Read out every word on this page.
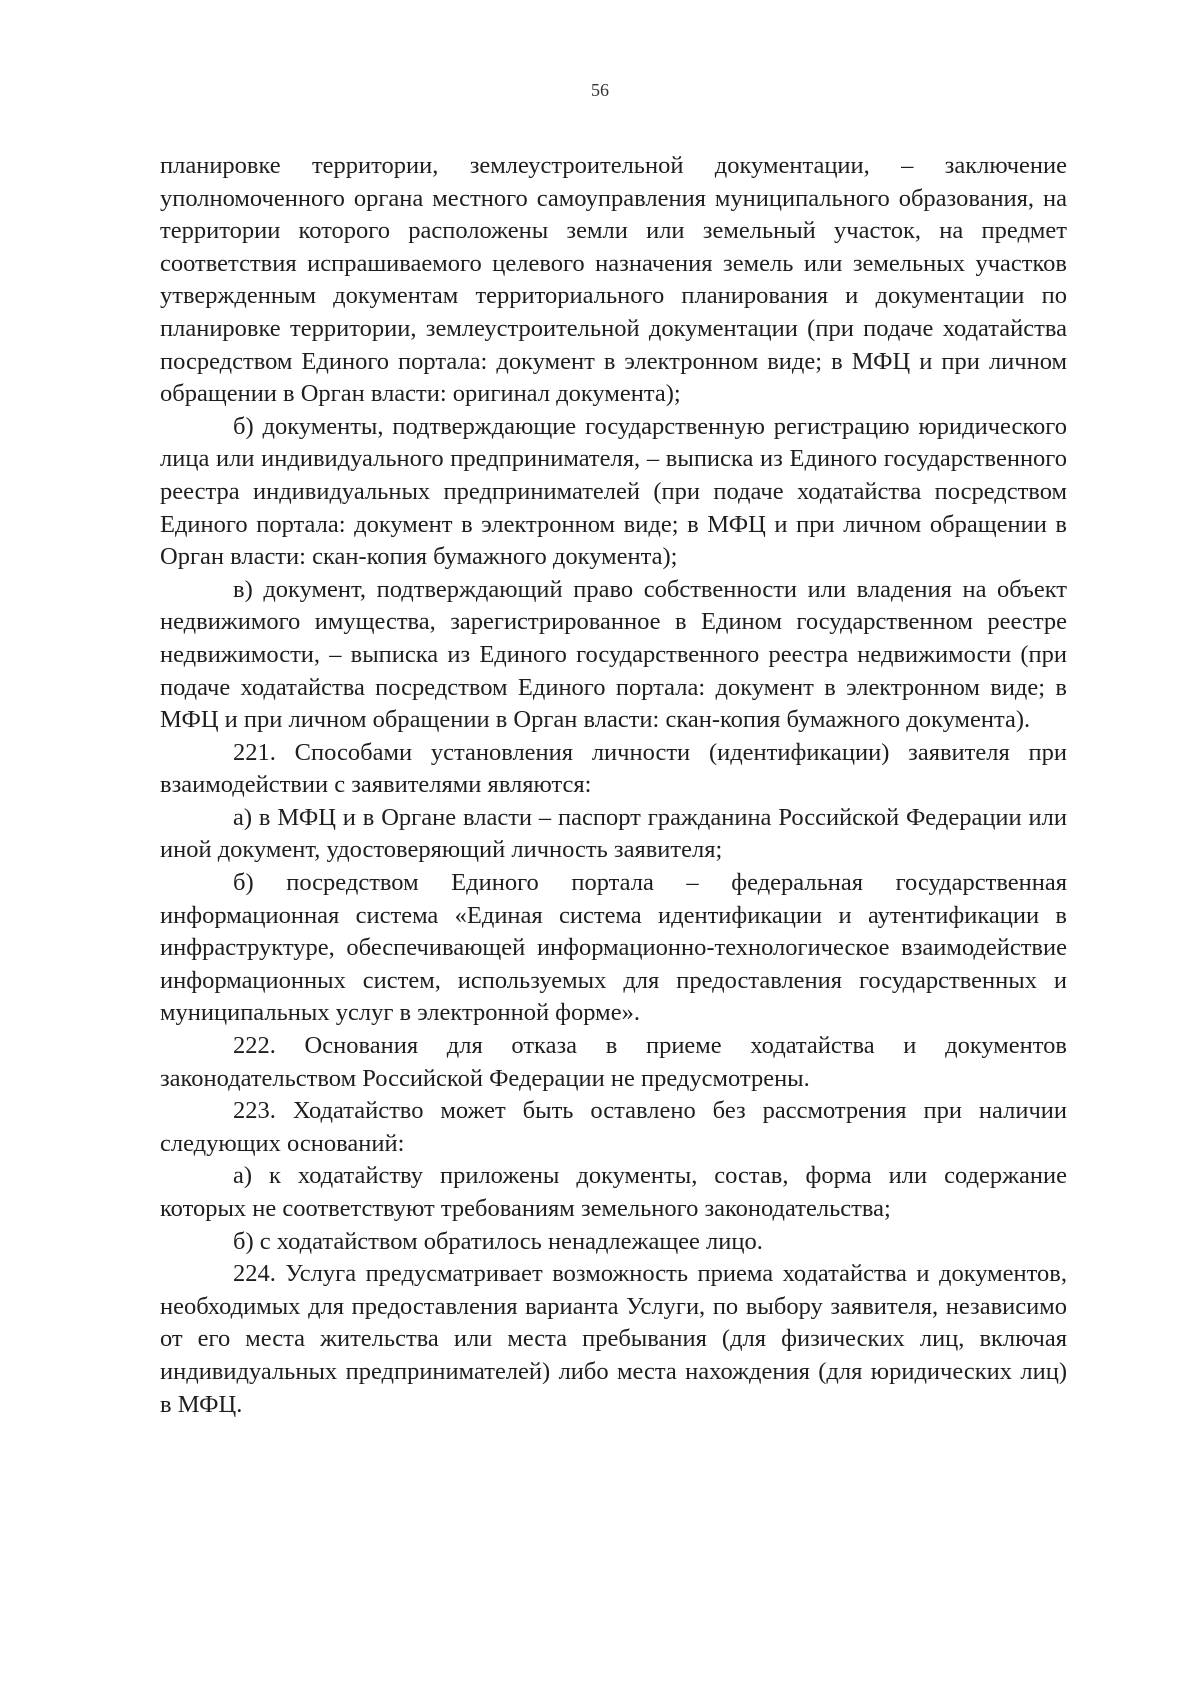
56

планировке территории, землеустроительной документации, – заключение уполномоченного органа местного самоуправления муниципального образования, на территории которого расположены земли или земельный участок, на предмет соответствия испрашиваемого целевого назначения земель или земельных участков утвержденным документам территориального планирования и документации по планировке территории, землеустроительной документации (при подаче ходатайства посредством Единого портала: документ в электронном виде; в МФЦ и при личном обращении в Орган власти: оригинал документа);

б) документы, подтверждающие государственную регистрацию юридического лица или индивидуального предпринимателя, – выписка из Единого государственного реестра индивидуальных предпринимателей (при подаче ходатайства посредством Единого портала: документ в электронном виде; в МФЦ и при личном обращении в Орган власти: скан-копия бумажного документа);

в) документ, подтверждающий право собственности или владения на объект недвижимого имущества, зарегистрированное в Едином государственном реестре недвижимости, – выписка из Единого государственного реестра недвижимости (при подаче ходатайства посредством Единого портала: документ в электронном виде; в МФЦ и при личном обращении в Орган власти: скан-копия бумажного документа).

221. Способами установления личности (идентификации) заявителя при взаимодействии с заявителями являются:

а) в МФЦ и в Органе власти – паспорт гражданина Российской Федерации или иной документ, удостоверяющий личность заявителя;

б) посредством Единого портала – федеральная государственная информационная система «Единая система идентификации и аутентификации в инфраструктуре, обеспечивающей информационно-технологическое взаимодействие информационных систем, используемых для предоставления государственных и муниципальных услуг в электронной форме».

222. Основания для отказа в приеме ходатайства и документов законодательством Российской Федерации не предусмотрены.

223. Ходатайство может быть оставлено без рассмотрения при наличии следующих оснований:

а) к ходатайству приложены документы, состав, форма или содержание которых не соответствуют требованиям земельного законодательства;

б) с ходатайством обратилось ненадлежащее лицо.

224. Услуга предусматривает возможность приема ходатайства и документов, необходимых для предоставления варианта Услуги, по выбору заявителя, независимо от его места жительства или места пребывания (для физических лиц, включая индивидуальных предпринимателей) либо места нахождения (для юридических лиц) в МФЦ.
